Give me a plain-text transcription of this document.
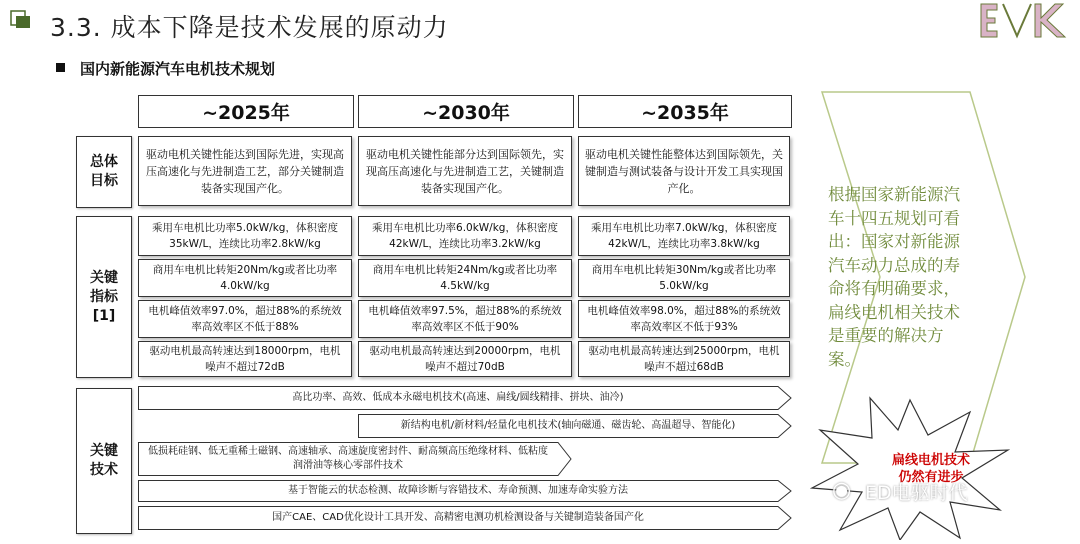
3.3. 成本下降是技术发展的原动力
国内新能源汽车电机技术规划
~2025年	~2030年	~2035年
总体
目标
关键
指标
[1]
关键
技术
驱动电机关键性能达到国际先进，实现高压高速化与先进制造工艺，部分关键制造装备实现国产化。
驱动电机关键性能部分达到国际领先，实现高压高速化与先进制造工艺，关键制造装备实现国产化。
驱动电机关键性能整体达到国际领先，关键制造与测试装备与设计开发工具实现国产化。
乘用车电机比功率5.0kW/kg，体积密度35kW/L，连续比功率2.8kW/kg
乘用车电机比功率6.0kW/kg，体积密度42kW/L，连续比功率3.2kW/kg
乘用车电机比功率7.0kW/kg，体积密度42kW/L，连续比功率3.8kW/kg
商用车电机比转矩20Nm/kg或者比功率4.0kW/kg
商用车电机比转矩24Nm/kg或者比功率4.5kW/kg
商用车电机比转矩30Nm/kg或者比功率5.0kW/kg
电机峰值效率97.0%，超过88%的系统效率高效率区不低于88%
电机峰值效率97.5%，超过88%的系统效率高效率区不低于90%
电机峰值效率98.0%，超过88%的系统效率高效率区不低于93%
驱动电机最高转速达到18000rpm，电机噪声不超过72dB
驱动电机最高转速达到20000rpm，电机噪声不超过70dB
驱动电机最高转速达到25000rpm，电机噪声不超过68dB
高比功率、高效、低成本永磁电机技术(高速、扁线/圆线精排、拼块、油冷)
新结构电机/新材料/轻量化电机技术(轴向磁通、磁齿轮、高温超导、智能化)
低损耗硅钢、低无重稀土磁钢、高速轴承、高速旋度密封件、耐高频高压绝缘材料、低粘度润滑油等核心零部件技术
基于智能云的状态检测、故障诊断与容错技术、寿命预测、加速寿命实验方法
国产CAE、CAD优化设计工具开发、高精密电测功机检测设备与关键制造装备国产化
根据国家新能源汽车十四五规划可看出：国家对新能源汽车动力总成的寿命将有明确要求，扁线电机相关技术是重要的解决方案。
扁线电机技术仍然有进步
◉ ED电驱时代
